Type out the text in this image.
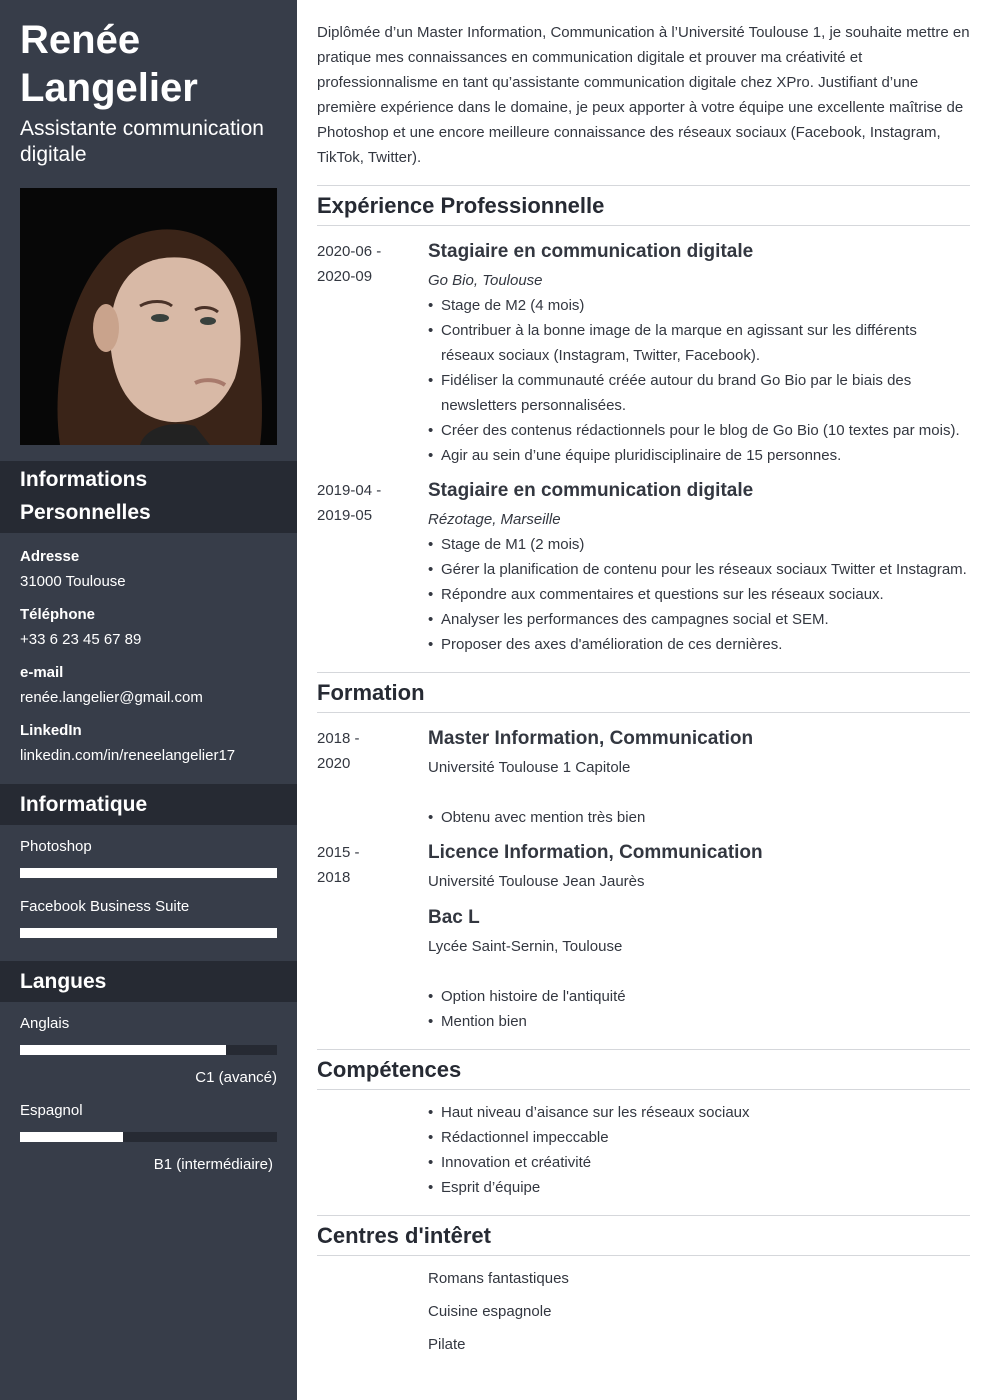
Renée
Langelier
Assistante communication digitale
Informations Personnelles
Adresse
31000 Toulouse
Téléphone
+33 6 23 45 67 89
e-mail
renée.langelier@gmail.com
LinkedIn
linkedin.com/in/reneelangelier17
Informatique
Photoshop
Facebook Business Suite
Langues
Anglais
C1 (avancé)
Espagnol
B1 (intermédiaire)

Diplômée d’un Master Information, Communication à l’Université Toulouse 1, je souhaite mettre en pratique mes connaissances en communication digitale et prouver ma créativité et professionnalisme en tant qu’assistante communication digitale chez XPro. Justifiant d’une première expérience dans le domaine, je peux apporter à votre équipe une excellente maîtrise de Photoshop et une encore meilleure connaissance des réseaux sociaux (Facebook, Instagram, TikTok, Twitter).

Expérience Professionnelle
2020-06 -
2020-09
Stagiaire en communication digitale
Go Bio, Toulouse
• Stage de M2 (4 mois)
• Contribuer à la bonne image de la marque en agissant sur les différents réseaux sociaux (Instagram, Twitter, Facebook).
• Fidéliser la communauté créée autour du brand Go Bio par le biais des newsletters personnalisées.
• Créer des contenus rédactionnels pour le blog de Go Bio (10 textes par mois).
• Agir au sein d’une équipe pluridisciplinaire de 15 personnes.
2019-04 -
2019-05
Stagiaire en communication digitale
Rézotage, Marseille
• Stage de M1 (2 mois)
• Gérer la planification de contenu pour les réseaux sociaux Twitter et Instagram.
• Répondre aux commentaires et questions sur les réseaux sociaux.
• Analyser les performances des campagnes social et SEM.
• Proposer des axes d'amélioration de ces dernières.
Formation
2018 -
2020
Master Information, Communication
Université Toulouse 1 Capitole
• Obtenu avec mention très bien
2015 -
2018
Licence Information, Communication
Université Toulouse Jean Jaurès
Bac L
Lycée Saint-Sernin, Toulouse
• Option histoire de l'antiquité
• Mention bien
Compétences
• Haut niveau d’aisance sur les réseaux sociaux
• Rédactionnel impeccable
• Innovation et créativité
• Esprit d’équipe
Centres d'intêret
Romans fantastiques
Cuisine espagnole
Pilate
